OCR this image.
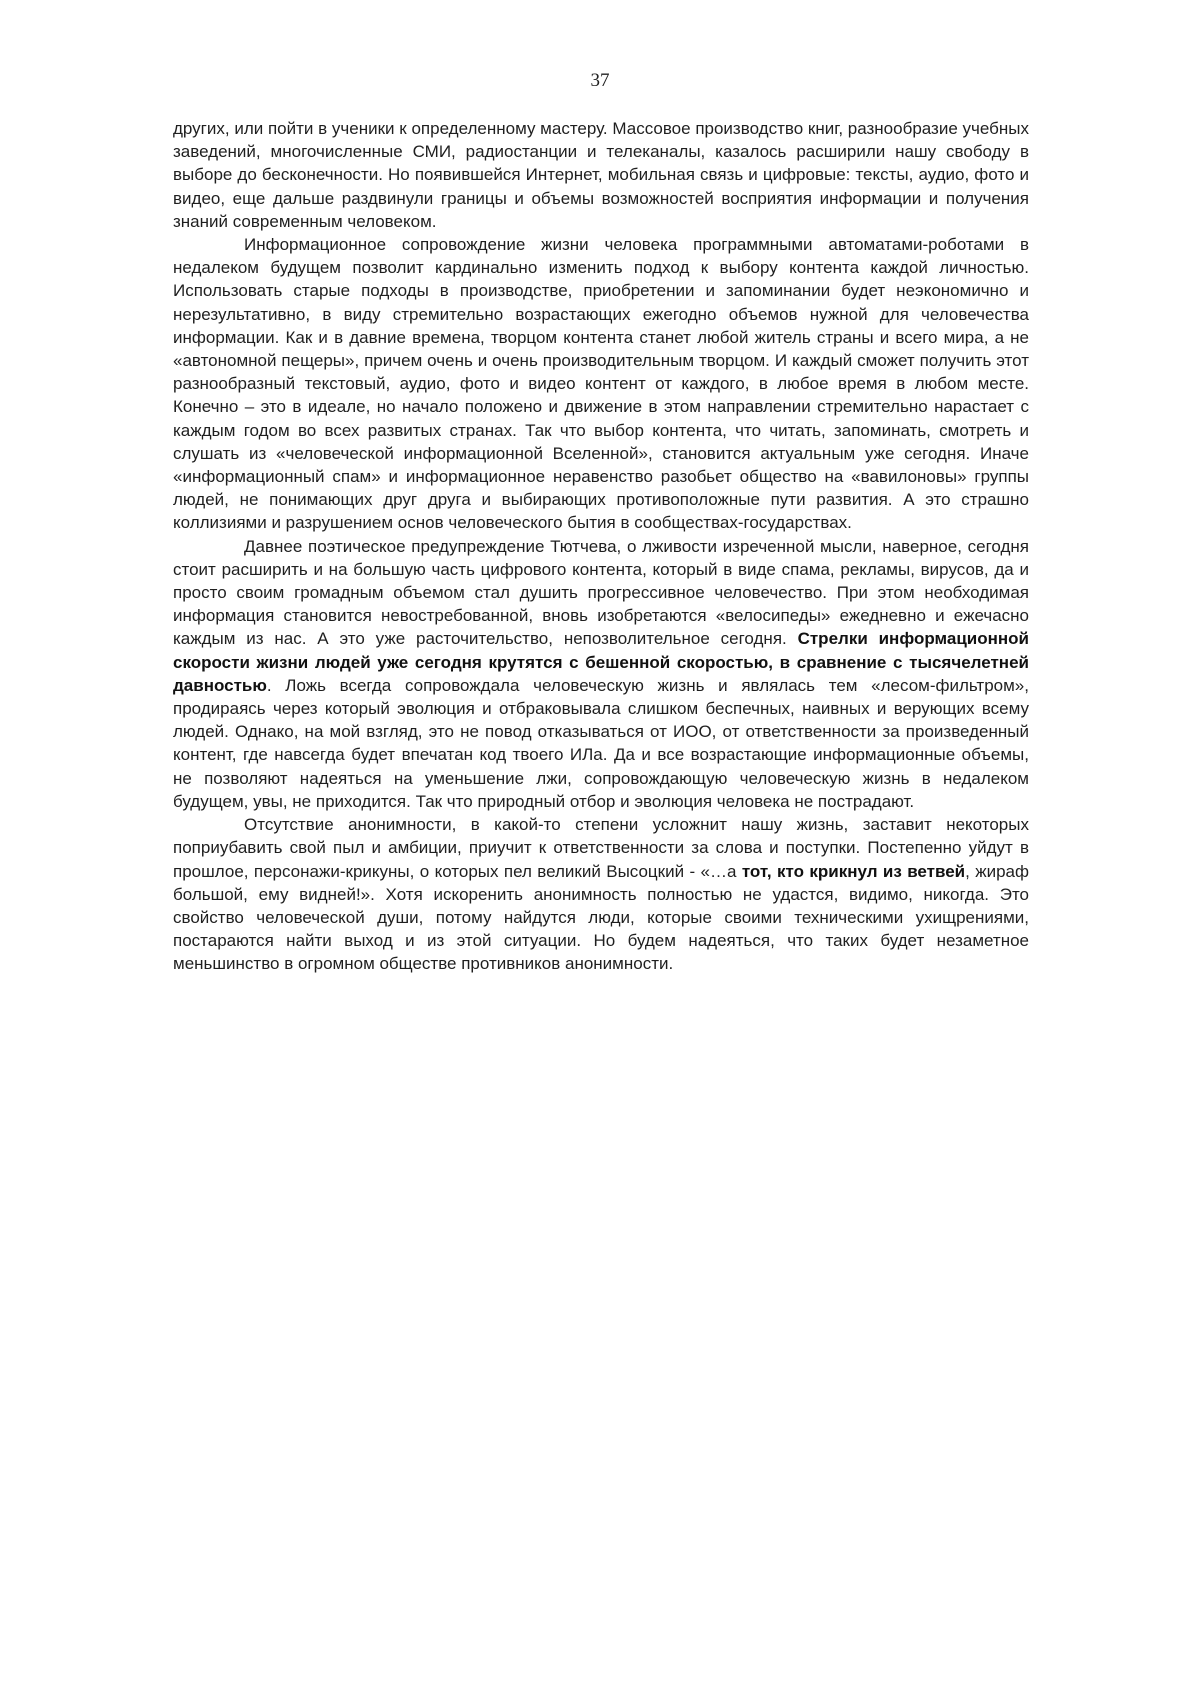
37

других, или пойти в ученики к определенному мастеру. Массовое производство книг, разнообразие учебных заведений, многочисленные СМИ, радиостанции и телеканалы, казалось расширили нашу свободу в выборе до бесконечности. Но появившейся Интернет, мобильная связь и цифровые: тексты, аудио, фото и видео, еще дальше раздвинули границы и объемы возможностей восприятия информации и получения знаний современным человеком.

Информационное сопровождение жизни человека программными автоматами-роботами в недалеком будущем позволит кардинально изменить подход к выбору контента каждой личностью. Использовать старые подходы в производстве, приобретении и запоминании будет неэкономично и нерезультативно, в виду стремительно возрастающих ежегодно объемов нужной для человечества информации. Как и в давние времена, творцом контента станет любой житель страны и всего мира, а не «автономной пещеры», причем очень и очень производительным творцом. И каждый сможет получить этот разнообразный текстовый, аудио, фото и видео контент от каждого, в любое время в любом месте. Конечно – это в идеале, но начало положено и движение в этом направлении стремительно нарастает с каждым годом во всех развитых странах. Так что выбор контента, что читать, запоминать, смотреть и слушать из «человеческой информационной Вселенной», становится актуальным уже сегодня. Иначе «информационный спам» и информационное неравенство разобьет общество на «вавилоновы» группы людей, не понимающих друг друга и выбирающих противоположные пути развития. А это страшно коллизиями и разрушением основ человеческого бытия в сообществах-государствах.

Давнее поэтическое предупреждение Тютчева, о лживости изреченной мысли, наверное, сегодня стоит расширить и на большую часть цифрового контента, который в виде спама, рекламы, вирусов, да и просто своим громадным объемом стал душить прогрессивное человечество. При этом необходимая информация становится невостребованной, вновь изобретаются «велосипеды» ежедневно и ежечасно каждым из нас. А это уже расточительство, непозволительное сегодня. Стрелки информационной скорости жизни людей уже сегодня крутятся с бешенной скоростью, в сравнение с тысячелетней давностью. Ложь всегда сопровождала человеческую жизнь и являлась тем «лесом-фильтром», продираясь через который эволюция и отбраковывала слишком беспечных, наивных и верующих всему людей. Однако, на мой взгляд, это не повод отказываться от ИОО, от ответственности за произведенный контент, где навсегда будет впечатан код твоего ИЛа. Да и все возрастающие информационные объемы, не позволяют надеяться на уменьшение лжи, сопровождающую человеческую жизнь в недалеком будущем, увы, не приходится. Так что природный отбор и эволюция человека не пострадают.

Отсутствие анонимности, в какой-то степени усложнит нашу жизнь, заставит некоторых поприубавить свой пыл и амбиции, приучит к ответственности за слова и поступки. Постепенно уйдут в прошлое, персонажи-крикуны, о которых пел великий Высоцкий - «…а тот, кто крикнул из ветвей, жираф большой, ему видней!». Хотя искоренить анонимность полностью не удастся, видимо, никогда. Это свойство человеческой души, потому найдутся люди, которые своими техническими ухищрениями, постараются найти выход и из этой ситуации. Но будем надеяться, что таких будет незаметное меньшинство в огромном обществе противников анонимности.
